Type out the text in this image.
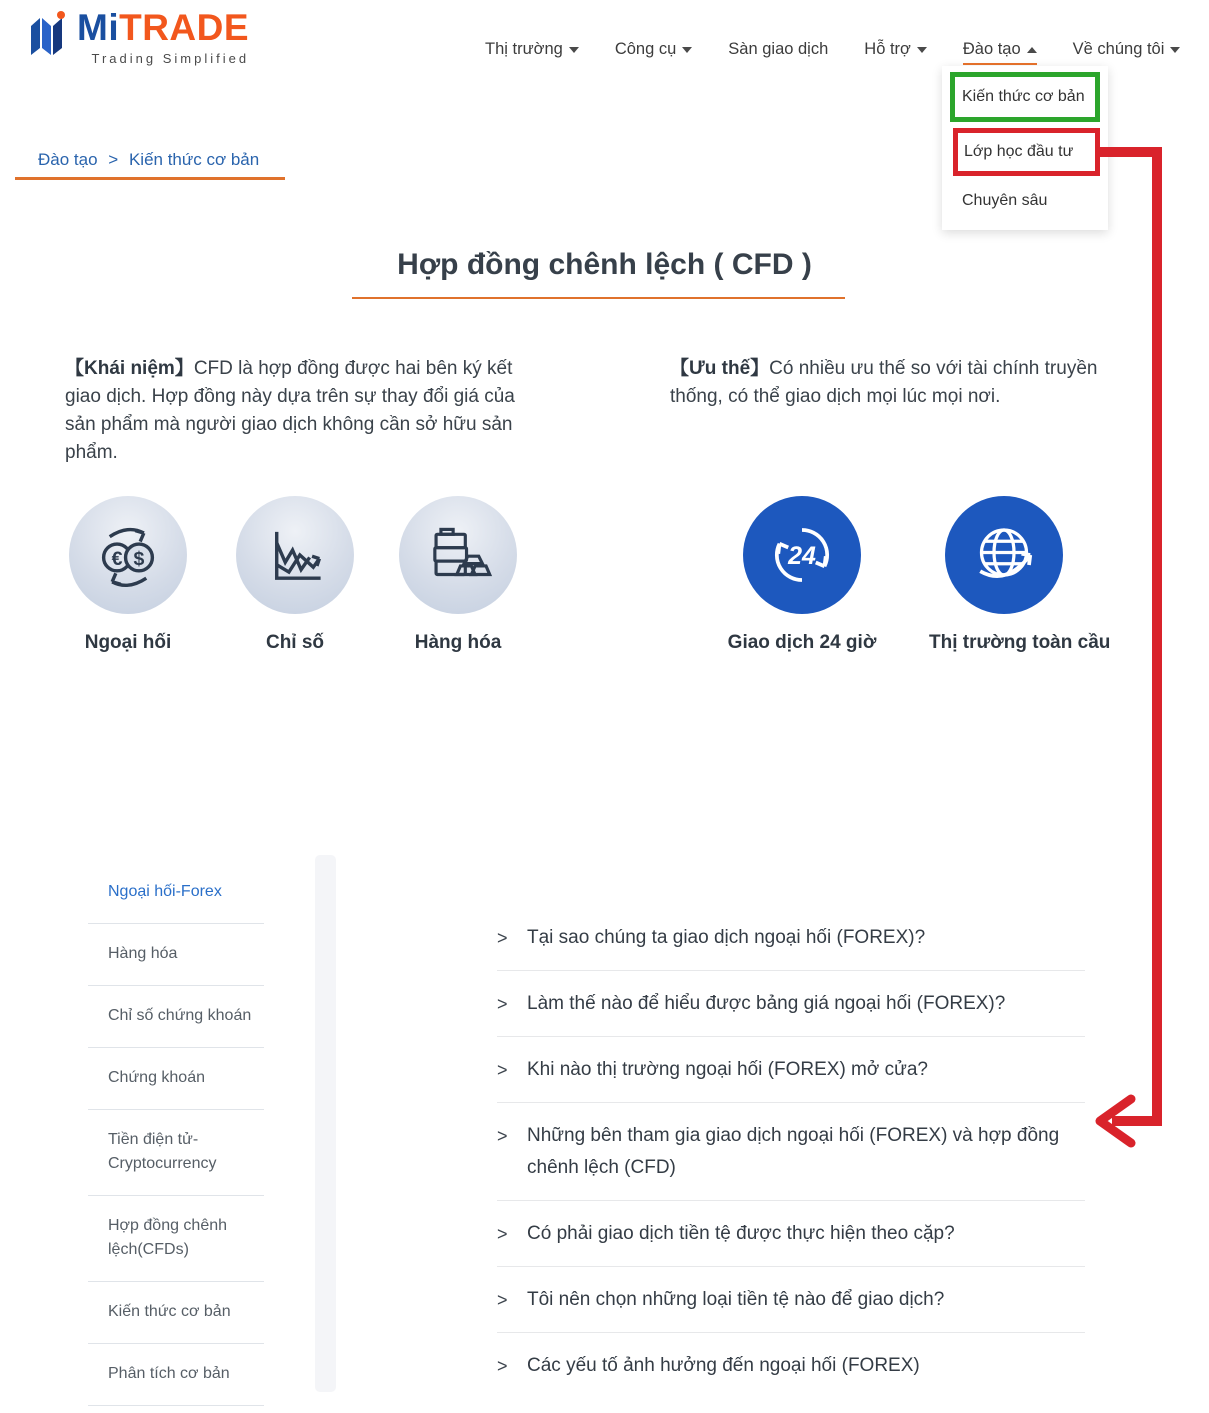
MiTRADE
Trading Simplified
Thị trường	Công cụ	Sàn giao dịch Hỗ trợ	Đào tạo	Về chúng tôi
Kiến thức cơ bản
Lớp học đầu tư
Chuyên sâu
Đào tạo > Kiến thức cơ bản
Hợp đồng chênh lệch ( CFD )

【Khái niệm】CFD là hợp đồng được hai bên ký kết giao dịch. Hợp đồng này dựa trên sự thay đổi giá của sản phẩm mà người giao dịch không cần sở hữu sản phẩm.

【Ưu thế】Có nhiều ưu thế so với tài chính truyền thống, có thể giao dịch mọi lúc mọi nơi.

€ $
Ngoại hối	Chỉ số	Hàng hóa
24
Giao dịch 24 giờ	Thị trường toàn cầu
Ngoại hối-Forex
Hàng hóa
Chỉ số chứng khoán
Chứng khoán
Tiền điện tử-Cryptocurrency
Hợp đồng chênh lệch(CFDs)
Kiến thức cơ bản
Phân tích cơ bản
>	Tại sao chúng ta giao dịch ngoại hối (FOREX)?
>	Làm thế nào để hiểu được bảng giá ngoại hối (FOREX)?
>	Khi nào thị trường ngoại hối (FOREX) mở cửa?
>	Những bên tham gia giao dịch ngoại hối (FOREX) và hợp đồng chênh lệch (CFD)
>	Có phải giao dịch tiền tệ được thực hiện theo cặp?
>	Tôi nên chọn những loại tiền tệ nào để giao dịch?
>	Các yếu tố ảnh hưởng đến ngoại hối (FOREX)
